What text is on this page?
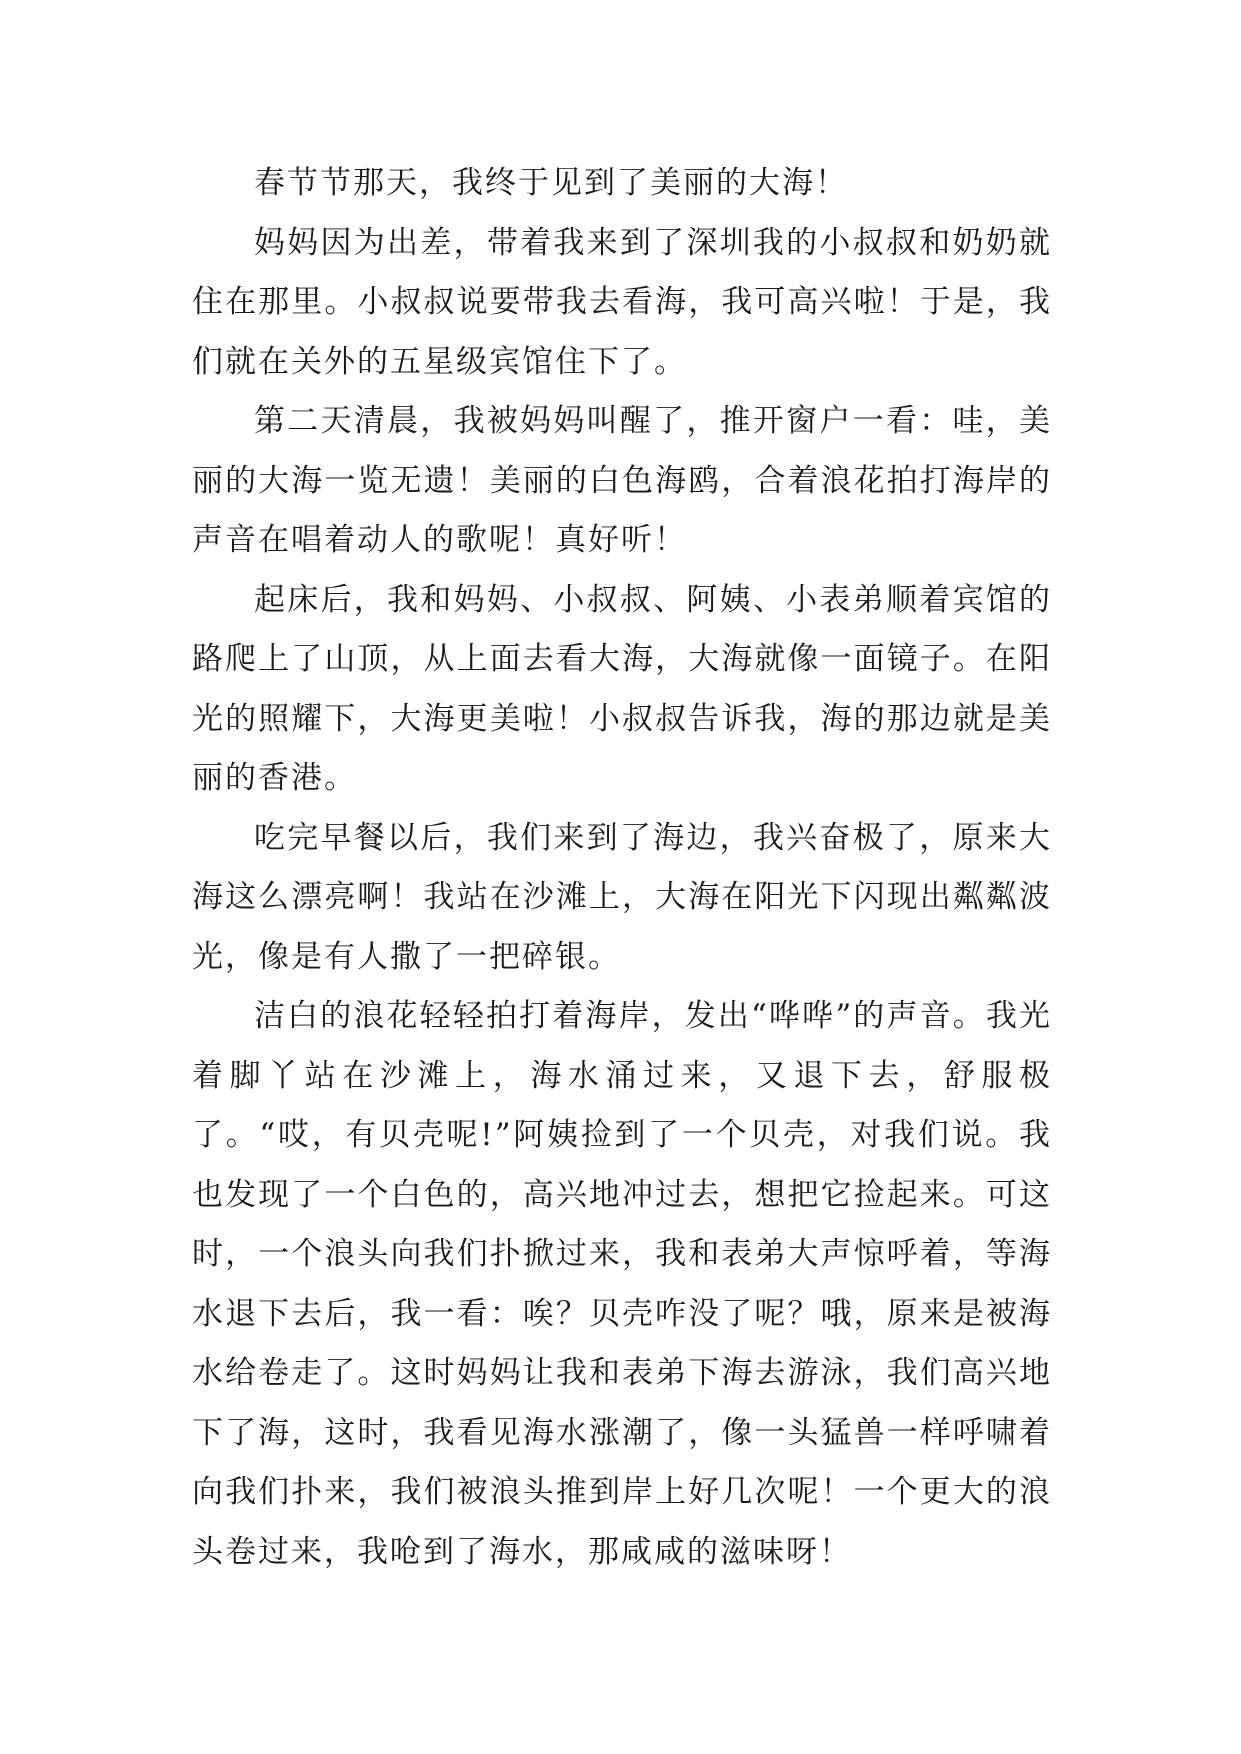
春节节那天，我终于见到了美丽的大海！

妈妈因为出差，带着我来到了深圳我的小叔叔和奶奶就住在那里。小叔叔说要带我去看海，我可高兴啦！于是，我们就在关外的五星级宾馆住下了。

第二天清晨，我被妈妈叫醒了，推开窗户一看：哇，美丽的大海一览无遗！美丽的白色海鸥，合着浪花拍打海岸的声音在唱着动人的歌呢！真好听！

起床后，我和妈妈、小叔叔、阿姨、小表弟顺着宾馆的路爬上了山顶，从上面去看大海，大海就像一面镜子。在阳光的照耀下，大海更美啦！小叔叔告诉我，海的那边就是美丽的香港。

吃完早餐以后，我们来到了海边，我兴奋极了，原来大海这么漂亮啊！我站在沙滩上，大海在阳光下闪现出粼粼波光，像是有人撒了一把碎银。

洁白的浪花轻轻拍打着海岸，发出“哗哗”的声音。我光着脚丫站在沙滩上，海水涌过来，又退下去，舒服极了。“哎，有贝壳呢!”阿姨捡到了一个贝壳，对我们说。我也发现了一个白色的，高兴地冲过去，想把它捡起来。可这时，一个浪头向我们扑掀过来，我和表弟大声惊呼着，等海水退下去后，我一看：唉？贝壳咋没了呢？哦，原来是被海水给卷走了。这时妈妈让我和表弟下海去游泳，我们高兴地下了海，这时，我看见海水涨潮了，像一头猛兽一样呼啸着向我们扑来，我们被浪头推到岸上好几次呢！一个更大的浪头卷过来，我呛到了海水，那咸咸的滋味呀！
